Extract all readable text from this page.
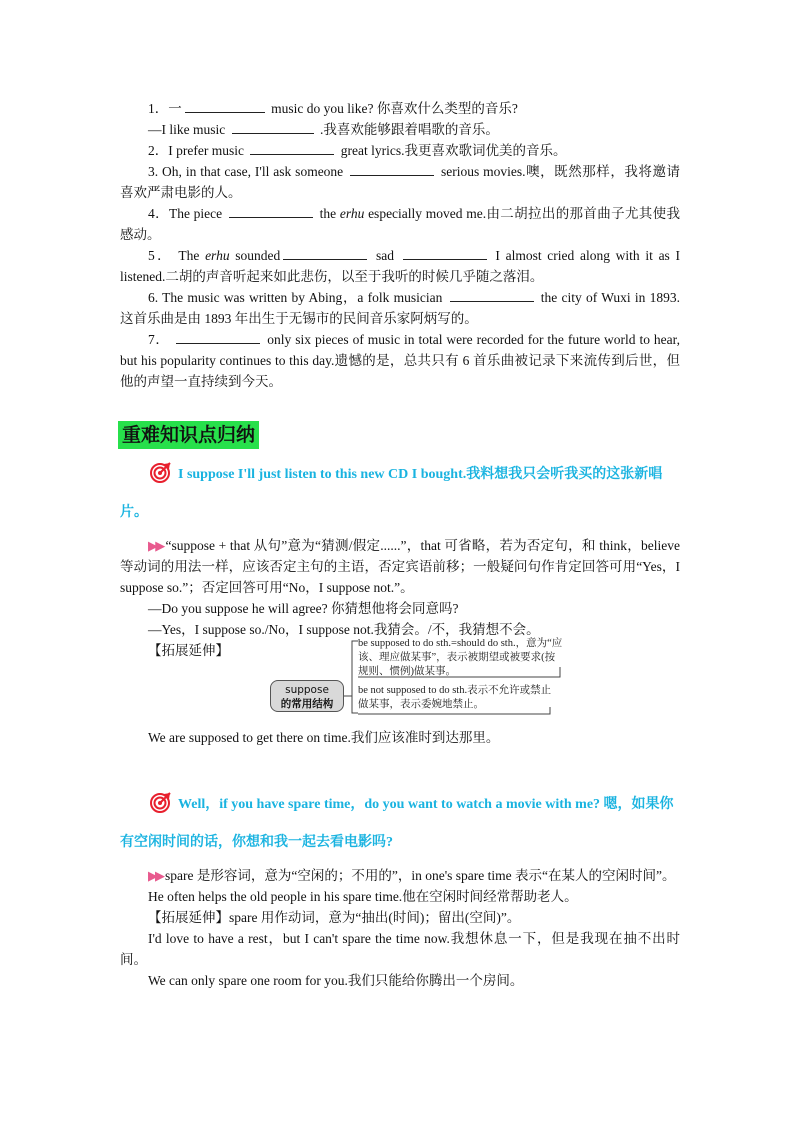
1．一	music do you like? 你喜欢什么类型的音乐?

—I like music	.我喜欢能够跟着唱歌的音乐。

2．I prefer music	great lyrics.我更喜欢歌词优美的音乐。

3. Oh, in that case, I'll ask someone	serious movies.噢，既然那样，我将邀请喜欢严肃电影的人。

4．The piece	the erhu especially moved me.由二胡拉出的那首曲子尤其使我感动。

5． The erhu sounded	sad	I almost cried along with it as I listened.二胡的声音听起来如此悲伤，以至于我听的时候几乎随之落泪。

6. The music was written by Abing，a folk musician	the city of Wuxi in 1893. 这首乐曲是由 1893 年出生于无锡市的民间音乐家阿炳写的。

7．	only six pieces of music in total were recorded for the future world to hear, but his popularity continues to this day.遗憾的是，总共只有 6 首乐曲被记录下来流传到后世，但他的声望一直持续到今天。

重难知识点归纳

I suppose I'll just listen to this new CD I bought.我料想我只会听我买的这张新唱片。

▶▶ “suppose + that 从句”意为“猜测/假定......”，that 可省略，若为否定句，和 think，believe 等动词的用法一样，应该否定主句的主语，否定宾语前移；一般疑问句作肯定回答可用“Yes，I suppose so.”；否定回答可用“No，I suppose not.”。

—Do you suppose he will agree? 你猜想他将会同意吗?

—Yes，I suppose so./No，I suppose not.我猜会。/不，我猜想不会。

【拓展延伸】

suppose
的常用结构
be supposed to do sth.=should do sth.，意为“应该、理应做某事”，表示被期望或被要求(按规则、惯例)做某事。
be not supposed to do sth.表示不允许或禁止做某事，表示委婉地禁止。

We are supposed to get there on time.我们应该准时到达那里。

Well，if you have spare time，do you want to watch a movie with me? 嗯，如果你有空闲时间的话，你想和我一起去看电影吗?

▶▶ spare 是形容词，意为“空闲的；不用的”，in one's spare time 表示“在某人的空闲时间”。

He often helps the old people in his spare time.他在空闲时间经常帮助老人。

【拓展延伸】spare 用作动词，意为“抽出(时间)；留出(空间)”。

I'd love to have a rest，but I can't spare the time now.我想休息一下，但是我现在抽不出时间。

We can only spare one room for you.我们只能给你腾出一个房间。
